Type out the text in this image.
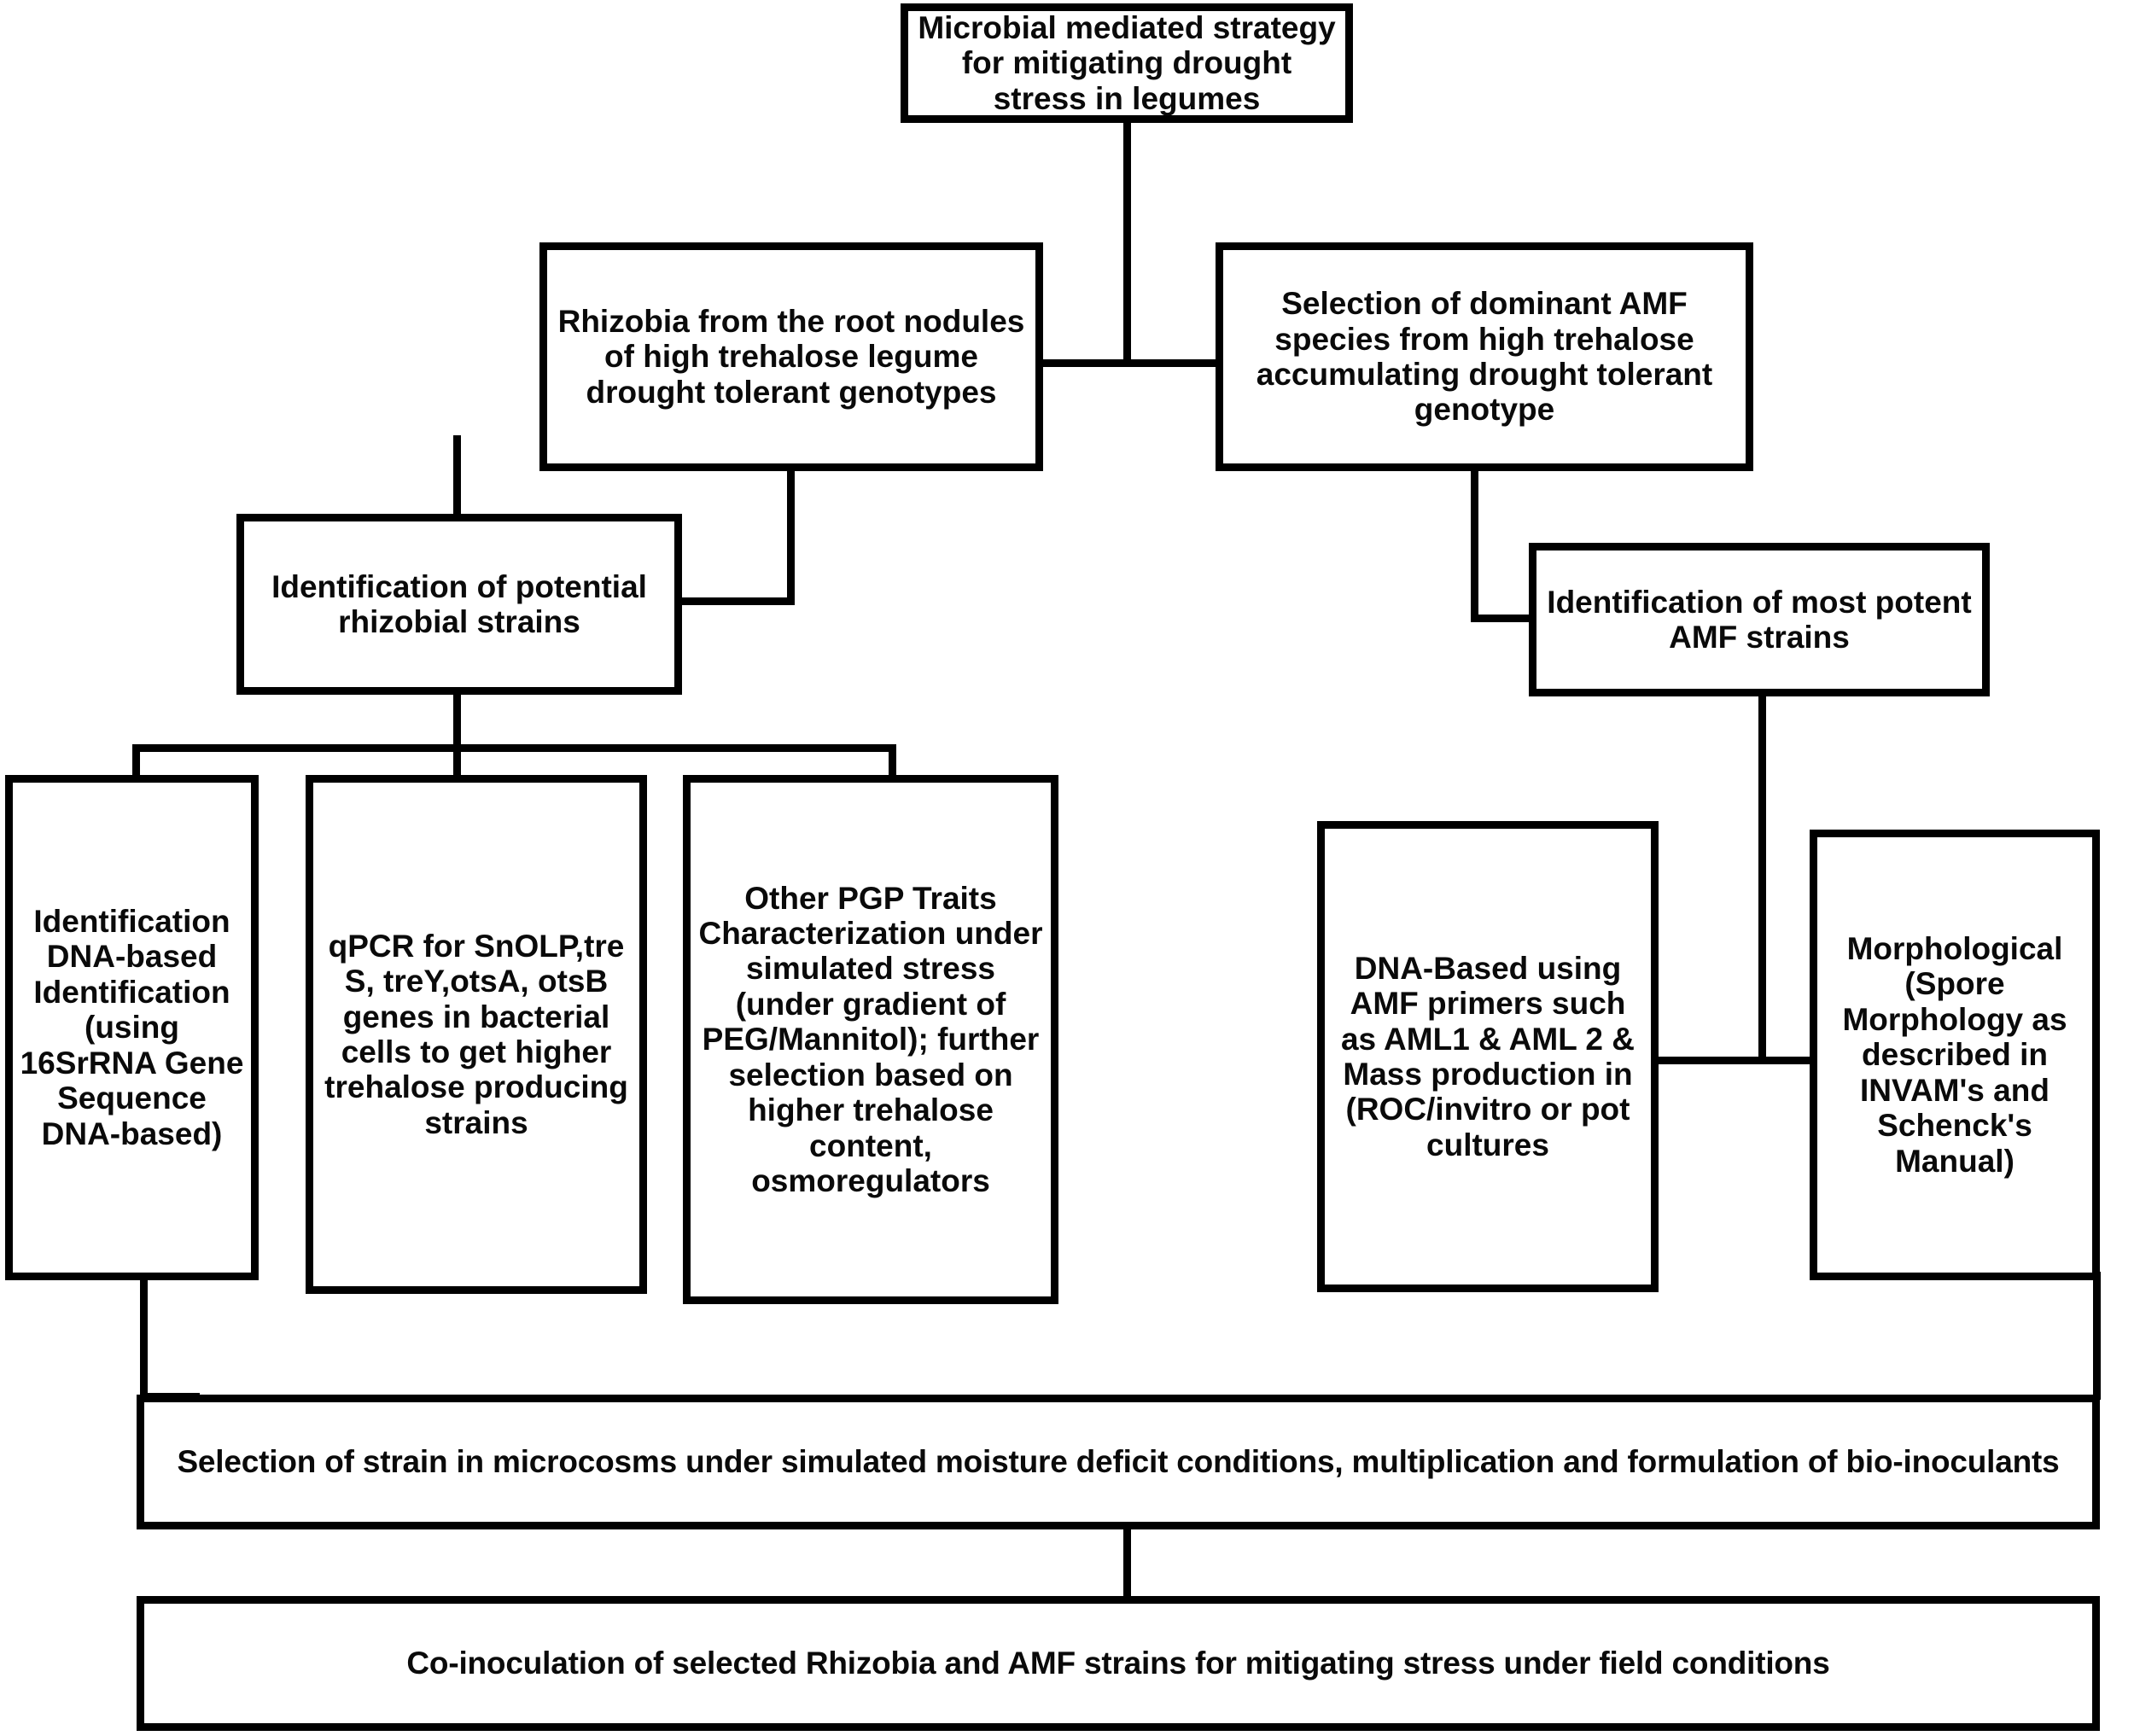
Microbial mediated strategy for mitigating drought stress in legumes
Rhizobia from the root nodules of high trehalose legume drought tolerant genotypes
Selection of dominant AMF species from high trehalose accumulating drought tolerant genotype
Identification of potential rhizobial strains
Identification of most potent AMF strains
Identification DNA-based Identification (using 16SrRNA Gene Sequence DNA-based)
qPCR for SnOLP,tre S, treY,otsA, otsB genes in bacterial cells to get higher trehalose producing strains
Other PGP Traits Characterization under simulated stress (under gradient of PEG/Mannitol); further selection based on higher trehalose content, osmoregulators
DNA-Based using AMF primers such as AML1 & AML 2 & Mass production in (ROC/invitro or pot cultures
Morphological (Spore Morphology as described in INVAM's and Schenck's Manual)
Selection of strain in microcosms under simulated moisture deficit conditions, multiplication and formulation of bio-inoculants
Co-inoculation of selected Rhizobia and AMF strains for mitigating stress under field conditions
